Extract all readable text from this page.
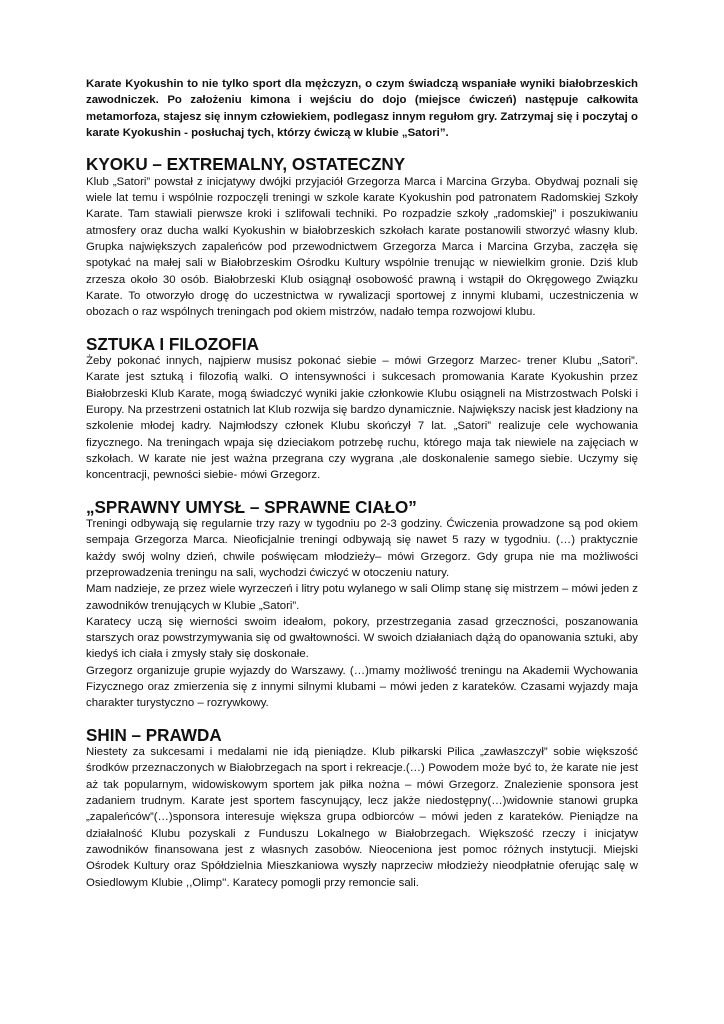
Karate Kyokushin to nie tylko sport dla mężczyzn, o czym świadczą wspaniałe wyniki białobrzeskich zawodniczek. Po założeniu kimona i wejściu do dojo (miejsce ćwiczeń) następuje całkowita metamorfoza, stajesz się innym człowiekiem, podlegasz innym regułom gry. Zatrzymaj się i poczytaj o karate Kyokushin - posłuchaj tych, którzy ćwiczą w klubie „Satori”.

KYOKU – EXTREMALNY, OSTATECZNY

Klub „Satori” powstał z inicjatywy dwójki przyjaciół Grzegorza Marca i Marcina Grzyba. Obydwaj poznali się wiele lat temu i wspólnie rozpoczęli treningi w szkole karate Kyokushin pod patronatem Radomskiej Szkoły Karate. Tam stawiali pierwsze kroki i szlifowali techniki. Po rozpadzie szkoły „radomskiej” i poszukiwaniu atmosfery oraz ducha walki Kyokushin w białobrzeskich szkołach karate postanowili stworzyć własny klub. Grupka największych zapaleńców pod przewodnictwem Grzegorza Marca i Marcina Grzyba, zaczęła się spotykać na małej sali w Białobrzeskim Ośrodku Kultury wspólnie trenując w niewielkim gronie. Dziś klub zrzesza około 30 osób. Białobrzeski Klub osiągnął osobowość prawną i wstąpił do Okręgowego Związku Karate. To otworzyło drogę do uczestnictwa w rywalizacji sportowej z innymi klubami, uczestniczenia w obozach o raz wspólnych treningach pod okiem mistrzów, nadało tempa rozwojowi klubu.

SZTUKA I FILOZOFIA

Żeby pokonać innych, najpierw musisz pokonać siebie – mówi Grzegorz Marzec- trener Klubu „Satori”. Karate jest sztuką i filozofią walki. O intensywności i sukcesach promowania Karate Kyokushin przez Białobrzeski Klub Karate, mogą świadczyć wyniki jakie członkowie Klubu osiągneli na Mistrzostwach Polski i Europy. Na przestrzeni ostatnich lat Klub rozwija się bardzo dynamicznie. Największy nacisk jest kładziony na szkolenie młodej kadry. Najmłodszy członek Klubu skończył 7 lat. „Satori” realizuje cele wychowania fizycznego. Na treningach wpaja się dzieciakom potrzebę ruchu, którego maja tak niewiele na zajęciach w szkołach. W karate nie jest ważna przegrana czy wygrana ,ale doskonalenie samego siebie. Uczymy się koncentracji, pewności siebie- mówi Grzegorz.

„SPRAWNY UMYSŁ – SPRAWNE CIAŁO”

Treningi odbywają się regularnie trzy razy w tygodniu po 2-3 godziny. Ćwiczenia prowadzone są pod okiem sempaja Grzegorza Marca. Nieoficjalnie treningi odbywają się nawet 5 razy w tygodniu. (…) praktycznie każdy swój wolny dzień, chwile poświęcam młodzieży– mówi Grzegorz. Gdy grupa nie ma możliwości przeprowadzenia treningu na sali, wychodzi ćwiczyć w otoczeniu natury.

Mam nadzieje, ze przez wiele wyrzeczeń i litry potu wylanego w sali Olimp stanę się mistrzem – mówi jeden z zawodników trenujących w Klubie „Satori”.

Karatecy uczą się wierności swoim ideałom, pokory, przestrzegania zasad grzeczności, poszanowania starszych oraz powstrzymywania się od gwałtowności. W swoich działaniach dążą do opanowania sztuki, aby kiedyś ich ciała i zmysły stały się doskonałe.

Grzegorz organizuje grupie wyjazdy do Warszawy. (…)mamy możliwość treningu na Akademii Wychowania Fizycznego oraz zmierzenia się z innymi silnymi klubami – mówi jeden z karateków. Czasami wyjazdy maja charakter turystyczno – rozrywkowy.

SHIN – PRAWDA

Niestety za sukcesami i medalami nie idą pieniądze. Klub piłkarski Pilica „zawłaszczył” sobie większość środków przeznaczonych w Białobrzegach na sport i rekreacje.(…) Powodem może być to, że karate nie jest aż tak popularnym, widowiskowym sportem jak piłka nożna – mówi Grzegorz. Znalezienie sponsora jest zadaniem trudnym. Karate jest sportem fascynujący, lecz jakże niedostępny(…)widownie stanowi grupka „zapaleńców”(…)sponsora interesuje większa grupa odbiorców – mówi jeden z karateków. Pieniądze na działalność Klubu pozyskali z Funduszu Lokalnego w Białobrzegach. Większość rzeczy i inicjatyw zawodników finansowana jest z własnych zasobów. Nieoceniona jest pomoc różnych instytucji. Miejski Ośrodek Kultury oraz Spółdzielnia Mieszkaniowa wyszły naprzeciw młodzieży nieodpłatnie oferując salę w Osiedlowym Klubie ,,Olimp''. Karatecy pomogli przy remoncie sali.
